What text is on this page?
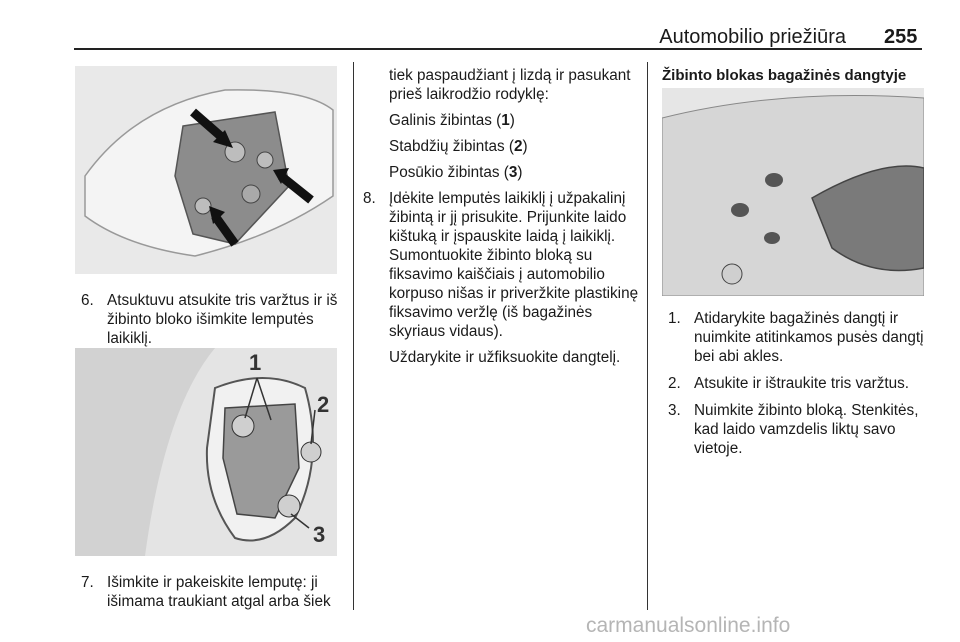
Automobilio priežiūra 255
1
2
3

6. Atsuktuvu atsukite tris varžtus ir iš žibinto bloko išimkite lemputės laikiklį.

7. Išimkite ir pakeiskite lemputę: ji išimama traukiant atgal arba šiek

tiek paspaudžiant į lizdą ir pasukant prieš laikrodžio rodyklę:

Galinis žibintas (1)

Stabdžių žibintas (2)

Posūkio žibintas (3)

8. Įdėkite lemputės laikiklį į užpakalinį žibintą ir jį prisukite. Prijunkite laido kištuką ir įspauskite laidą į laikiklį. Sumontuokite žibinto bloką su fiksavimo kaiščiais į automobilio korpuso nišas ir priveržkite plastikinę fiksavimo veržlę (iš bagažinės skyriaus vidaus).

Uždarykite ir užfiksuokite dangtelį.

Žibinto blokas bagažinės dangtyje

1. Atidarykite bagažinės dangtį ir nuimkite atitinkamos pusės dangtį bei abi akles.

2. Atsukite ir ištraukite tris varžtus.

3. Nuimkite žibinto bloką. Stenkitės, kad laido vamzdelis liktų savo vietoje.

carmanualsonline.info
